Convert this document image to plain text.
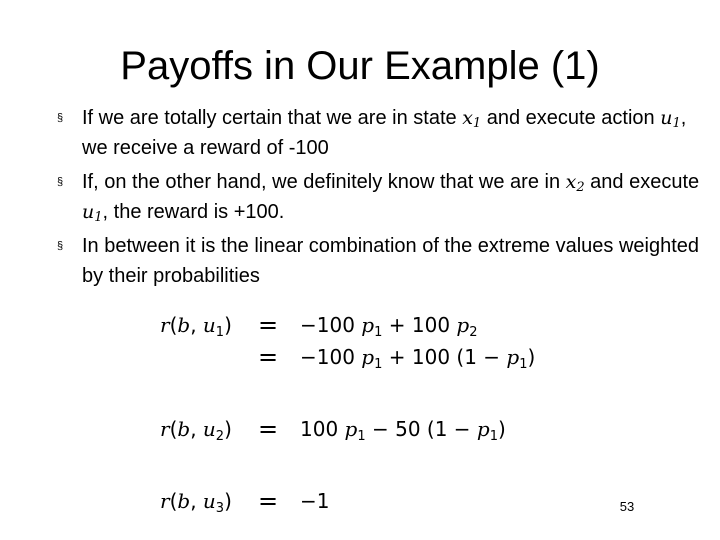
Payoffs in Our Example (1)
§ If we are totally certain that we are in state $x_1$ and execute action $u_1$, we receive a reward of -100
§ If, on the other hand, we definitely know that we are in $x_2$ and execute $u_1$, the reward is +100.
§ In between it is the linear combination of the extreme values weighted by their probabilities
r(b, $u_1$)	= −100 $p_1 + 100$ $p_2$
= −100 $p_1 + 100$ $(1 - p_1)$
r(b, $u_2$)	= 100 $p_1 - 50$ $(1 - p_1)$
r(b, $u_3$)	= −1	53
